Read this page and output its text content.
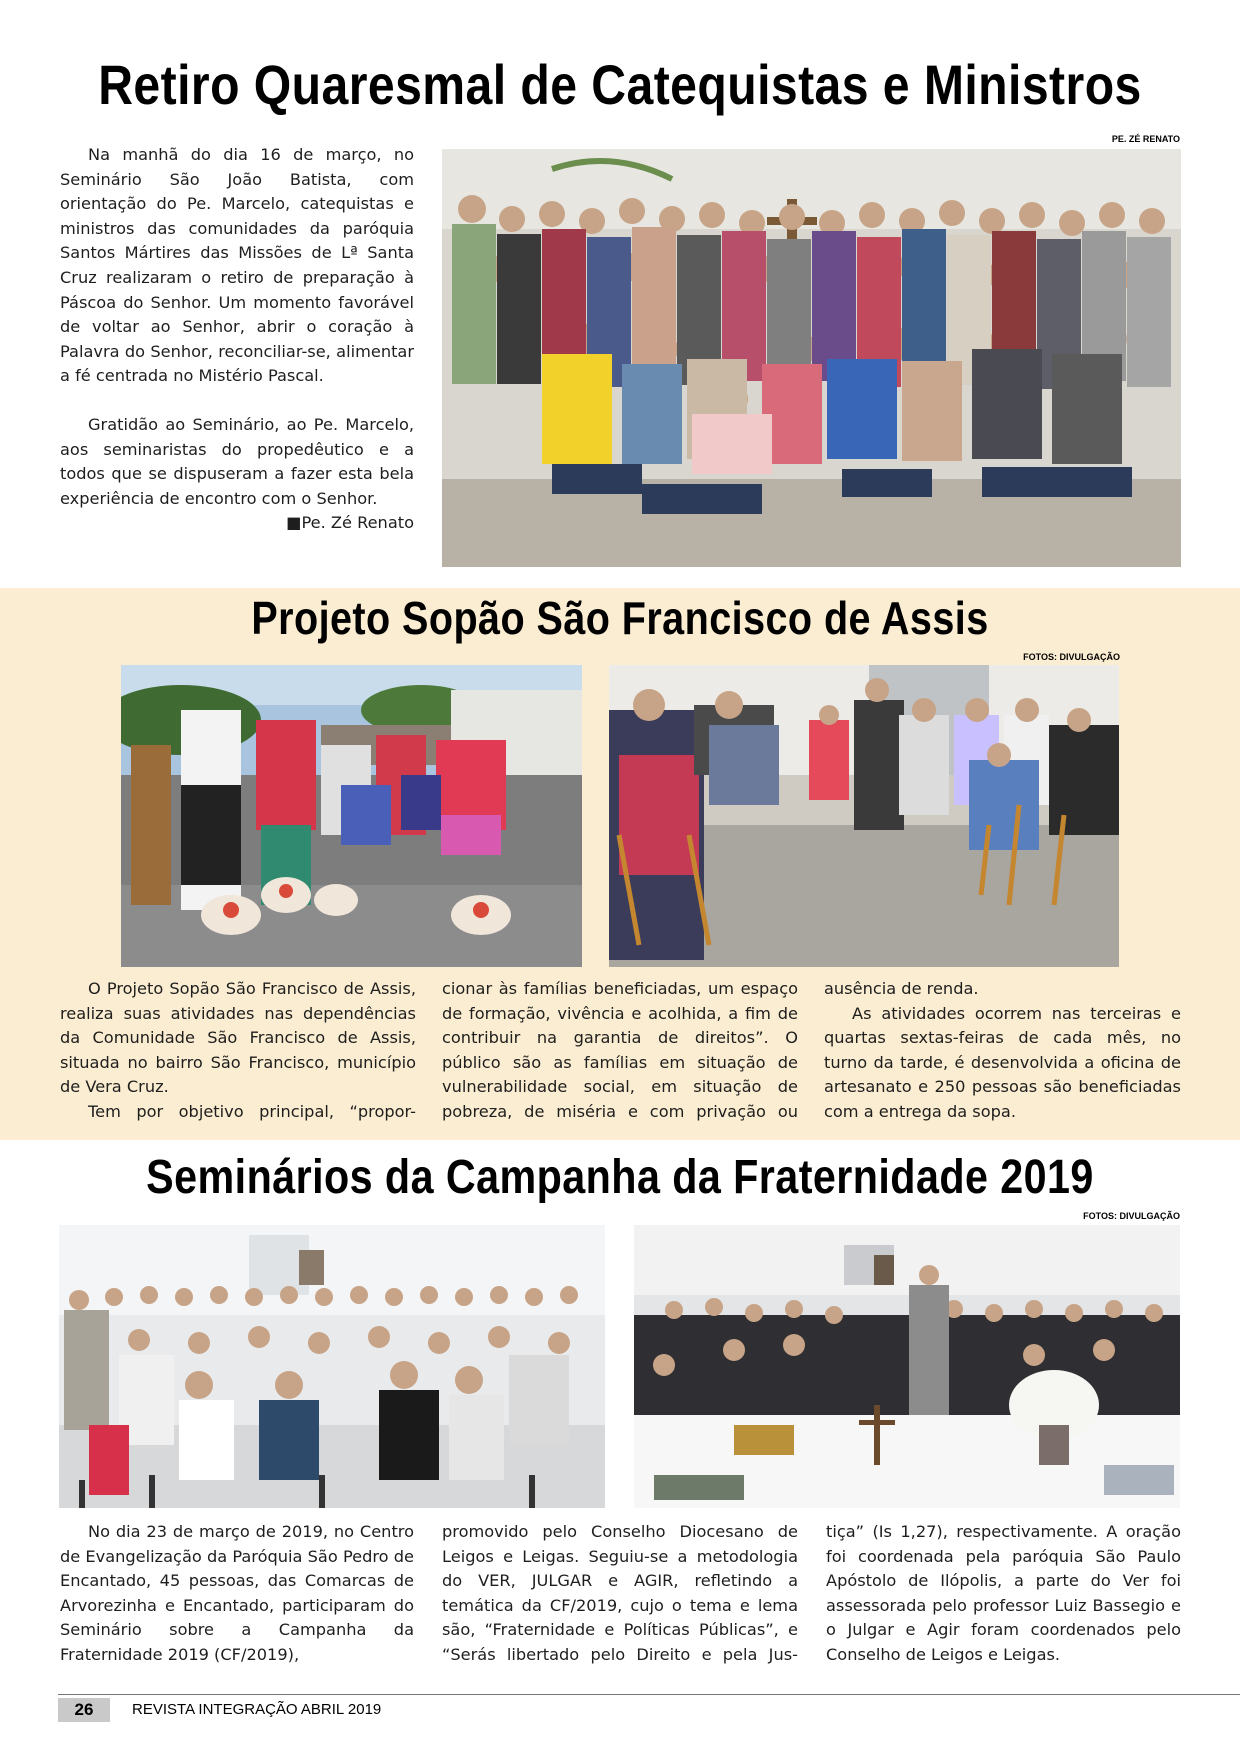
Retiro Quaresmal de Catequistas e Ministros
PE. ZÉ RENATO

Na manhã do dia 16 de março, no Seminário São João Batista, com orientação do Pe. Marcelo, catequistas e ministros das comunidades da paróquia Santos Mártires das Missões de Lª Santa Cruz realizaram o retiro de preparação à Páscoa do Senhor. Um momento favorável de voltar ao Senhor, abrir o coração à Palavra do Senhor, reconciliar-se, alimentar a fé centrada no Mistério Pascal.

Gratidão ao Seminário, ao Pe. Marcelo, aos seminaristas do propedêutico e a todos que se dispuseram a fazer esta bela experiência de encontro com o Senhor.

■Pe. Zé Renato
Projeto Sopão São Francisco de Assis
FOTOS: DIVULGAÇÃO

O Projeto Sopão São Francisco de Assis, realiza suas atividades nas dependências da Comunidade São Francisco de Assis, situada no bairro São Francisco, município de Vera Cruz.

Tem por objetivo principal, “propor-

cionar às famílias beneficiadas, um espaço de formação, vivência e acolhida, a fim de contribuir na garantia de direitos”. O público são as famílias em situação de vulnerabilidade social, em situação de pobreza, de miséria e com privação ou

ausência de renda.

As atividades ocorrem nas terceiras e quartas sextas-feiras de cada mês, no turno da tarde, é desenvolvida a oficina de artesanato e 250 pessoas são beneficiadas com a entrega da sopa.

Seminários da Campanha da Fraternidade 2019
FOTOS: DIVULGAÇÃO

No dia 23 de março de 2019, no Centro de Evangelização da Paróquia São Pedro de Encantado, 45 pessoas, das Comarcas de Arvorezinha e Encantado, participaram do Seminário sobre a Campanha da Fraternidade 2019 (CF/2019),

promovido pelo Conselho Diocesano de Leigos e Leigas. Seguiu-se a metodologia do VER, JULGAR e AGIR, refletindo a temática da CF/2019, cujo o tema e lema são, “Fraternidade e Políticas Públicas”, e “Serás libertado pelo Direito e pela Jus-

tiça” (Is 1,27), respectivamente. A oração foi coordenada pela paróquia São Paulo Apóstolo de Ilópolis, a parte do Ver foi assessorada pelo professor Luiz Bassegio e o Julgar e Agir foram coordenados pelo Conselho de Leigos e Leigas.

26	REVISTA INTEGRAÇÃO ABRIL 2019
